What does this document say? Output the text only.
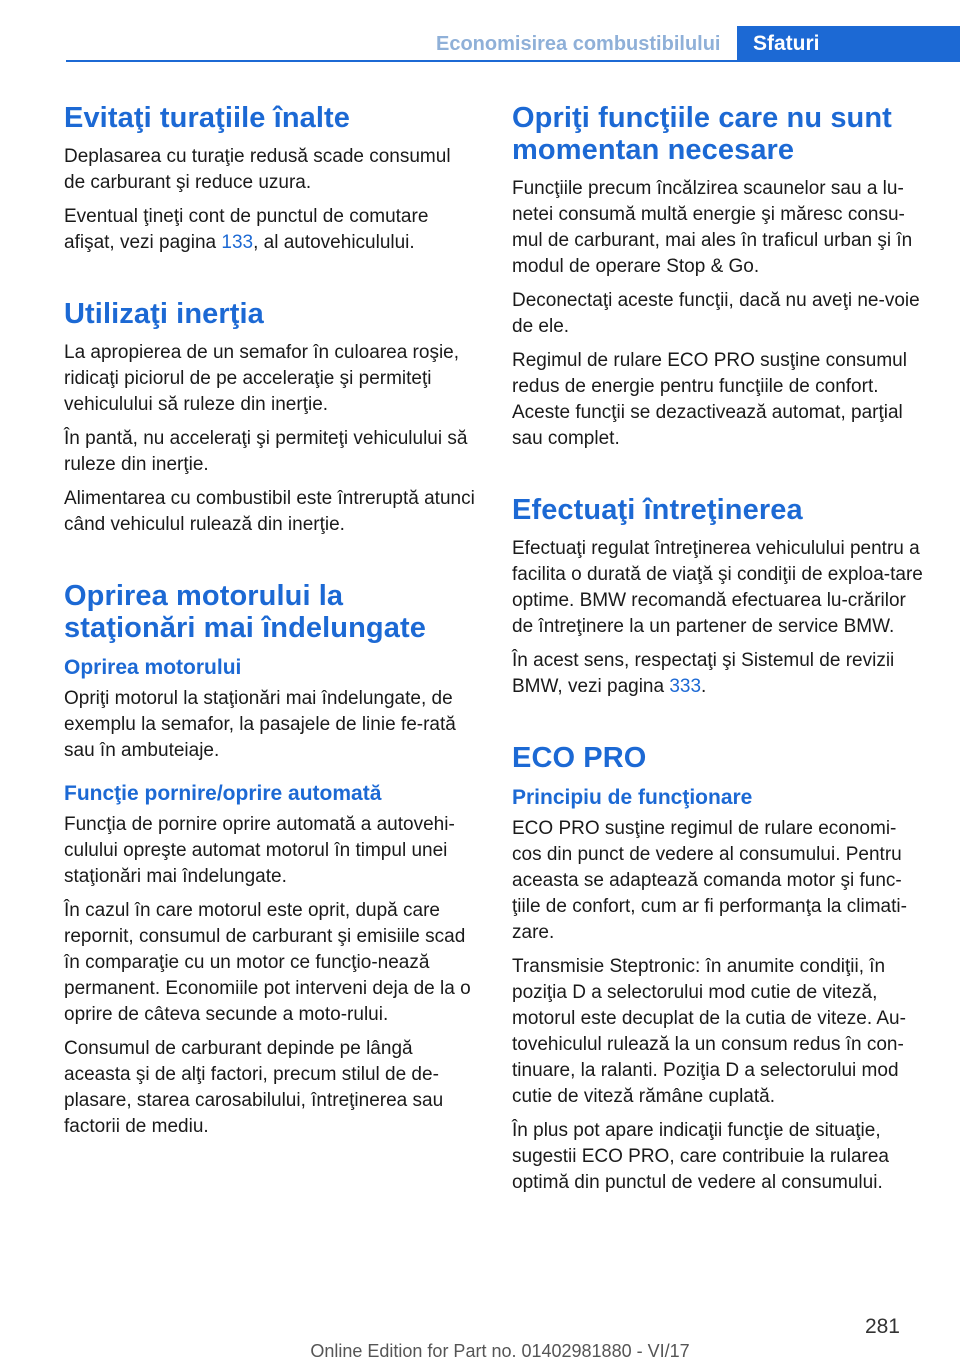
Economisirea combustibilului	Sfaturi
Evitaţi turaţiile înalte

Deplasarea cu turaţie redusă scade consumul de carburant şi reduce uzura.

Eventual ţineţi cont de punctul de comutare afişat, vezi pagina 133, al autovehiculului.

Utilizaţi inerţia

La apropierea de un semafor în culoarea roşie, ridicaţi piciorul de pe acceleraţie şi permiteţi vehiculului să ruleze din inerţie.

În pantă, nu acceleraţi şi permiteţi vehiculului să ruleze din inerţie.

Alimentarea cu combustibil este întreruptă atunci când vehiculul rulează din inerţie.

Oprirea motorului la staţionări mai îndelungate
Oprirea motorului

Opriţi motorul la staţionări mai îndelungate, de exemplu la semafor, la pasajele de linie fe-rată sau în ambuteiaje.

Funcţie pornire/oprire automată

Funcţia de pornire oprire automată a autovehi-culului opreşte automat motorul în timpul unei staţionări mai îndelungate.

În cazul în care motorul este oprit, după care repornit, consumul de carburant şi emisiile scad în comparaţie cu un motor ce funcţio-nează permanent. Economiile pot interveni deja de la o oprire de câteva secunde a moto-rului.

Consumul de carburant depinde pe lângă aceasta şi de alţi factori, precum stilul de de-plasare, starea carosabilului, întreţinerea sau factorii de mediu.

Opriţi funcţiile care nu sunt momentan necesare

Funcţiile precum încălzirea scaunelor sau a lu-netei consumă multă energie şi măresc consu-mul de carburant, mai ales în traficul urban şi în modul de operare Stop & Go.

Deconectaţi aceste funcţii, dacă nu aveţi ne-voie de ele.

Regimul de rulare ECO PRO susţine consumul redus de energie pentru funcţiile de confort. Aceste funcţii se dezactivează automat, parţial sau complet.

Efectuaţi întreţinerea

Efectuaţi regulat întreţinerea vehiculului pentru a facilita o durată de viaţă şi condiţii de exploa-tare optime. BMW recomandă efectuarea lu-crărilor de întreţinere la un partener de service BMW.

În acest sens, respectaţi şi Sistemul de revizii BMW, vezi pagina 333.

ECO PRO
Principiu de funcţionare

ECO PRO susţine regimul de rulare economi-cos din punct de vedere al consumului. Pentru aceasta se adaptează comanda motor şi func-ţiile de confort, cum ar fi performanţa la climati-zare.

Transmisie Steptronic: în anumite condiţii, în poziţia D a selectorului mod cutie de viteză, motorul este decuplat de la cutia de viteze. Au-tovehiculul rulează la un consum redus în con-tinuare, la ralanti. Poziţia D a selectorului mod cutie de viteză rămâne cuplată.

În plus pot apare indicaţii funcţie de situaţie, sugestii ECO PRO, care contribuie la rularea optimă din punctul de vedere al consumului.

281
Online Edition for Part no. 01402981880 - VI/17
